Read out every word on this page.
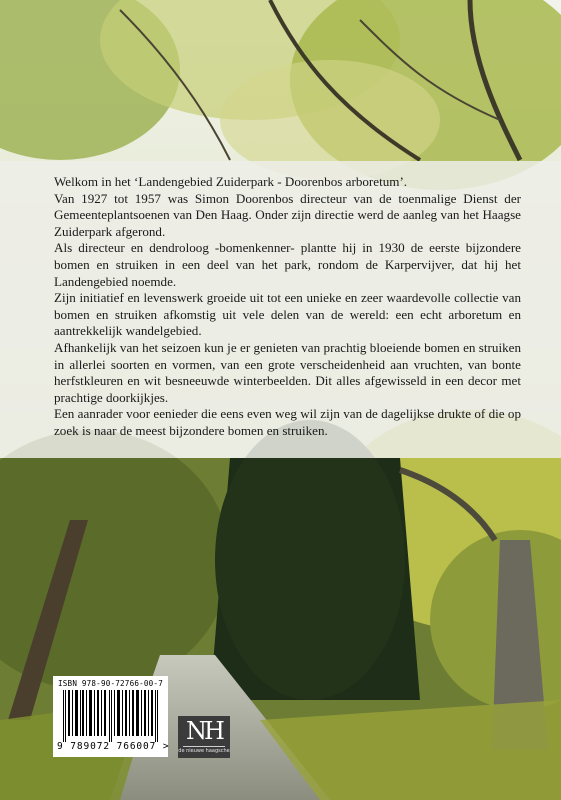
Welkom in het ‘Landengebied Zuiderpark - Doorenbos arboretum’.

Van 1927 tot 1957 was Simon Doorenbos directeur van de toenmalige Dienst der Gemeenteplantsoenen van Den Haag. Onder zijn directie werd de aanleg van het Haagse Zuiderpark afgerond.

Als directeur en dendroloog -bomenkenner- plantte hij in 1930 de eerste bijzondere bomen en struiken in een deel van het park, rondom de Karpervijver, dat hij het Landengebied noemde.

Zijn initiatief en levenswerk groeide uit tot een unieke en zeer waardevolle collectie van bomen en struiken afkomstig uit vele delen van de wereld: een echt arboretum en aantrekkelijk wandelgebied.

Afhankelijk van het seizoen kun je er genieten van prachtig bloeiende bomen en struiken in allerlei soorten en vormen, van een grote verscheidenheid aan vruchten, van bonte herfstkleuren en wit besneeuwde winterbeelden. Dit alles afgewisseld in een decor met prachtige doorkijkjes.

Een aanrader voor eenieder die eens even weg wil zijn van de dagelijkse drukte of die op zoek is naar de meest bijzondere bomen en struiken.

ISBN 978-90-72766-00-7
9 789072 766007 >
NH
de nieuwe haagsche
